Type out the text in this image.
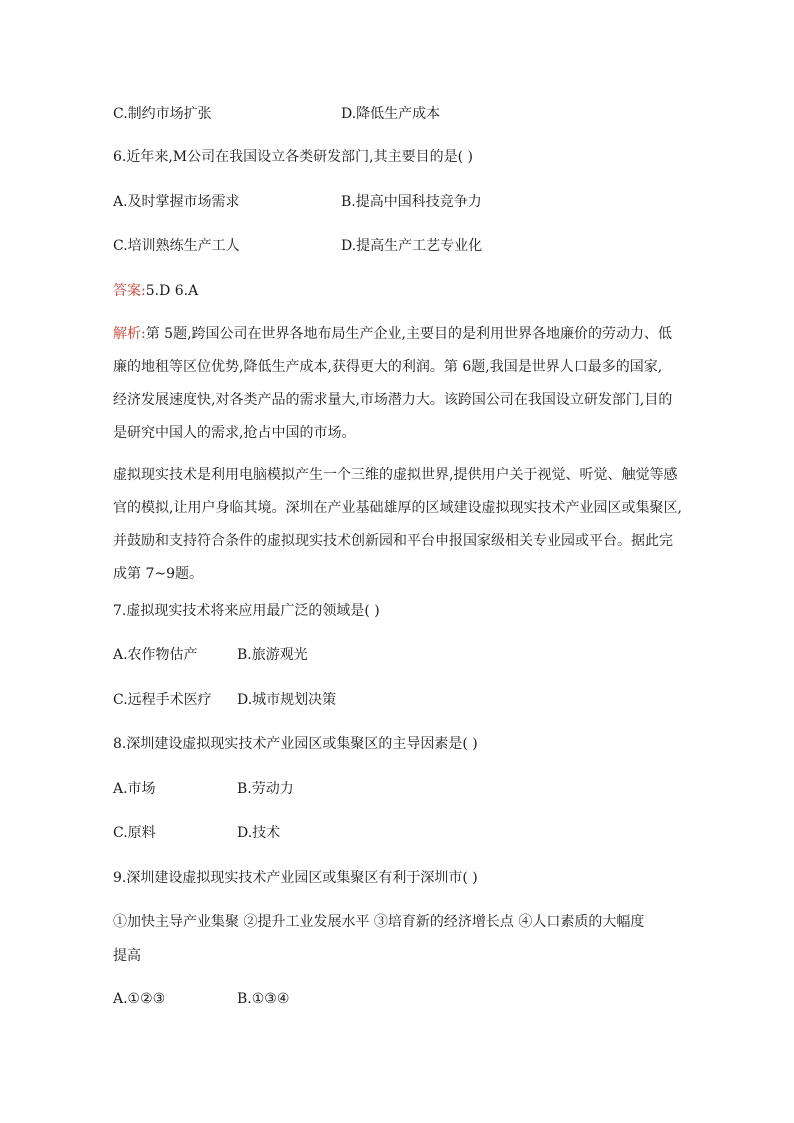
C.制约市场扩张	D.降低生产成本
6.近年来,M公司在我国设立各类研发部门,其主要目的是( )
A.及时掌握市场需求	B.提高中国科技竞争力
C.培训熟练生产工人	D.提高生产工艺专业化
答案:5.D 6.A
解析:第 5题,跨国公司在世界各地布局生产企业,主要目的是利用世界各地廉价的劳动力、低
廉的地租等区位优势,降低生产成本,获得更大的利润。第 6题,我国是世界人口最多的国家,
经济发展速度快,对各类产品的需求量大,市场潜力大。该跨国公司在我国设立研发部门,目的
是研究中国人的需求,抢占中国的市场。
虚拟现实技术是利用电脑模拟产生一个三维的虚拟世界,提供用户关于视觉、听觉、触觉等感
官的模拟,让用户身临其境。深圳在产业基础雄厚的区域建设虚拟现实技术产业园区或集聚区,
并鼓励和支持符合条件的虚拟现实技术创新园和平台申报国家级相关专业园或平台。据此完
成第 7~9题。
7.虚拟现实技术将来应用最广泛的领域是( )
A.农作物估产	B.旅游观光
C.远程手术医疗 D.城市规划决策
8.深圳建设虚拟现实技术产业园区或集聚区的主导因素是( )
A.市场	B.劳动力
C.原料	D.技术
9.深圳建设虚拟现实技术产业园区或集聚区有利于深圳市( )
①加快主导产业集聚 ②提升工业发展水平 ③培育新的经济增长点 ④人口素质的大幅度
提高
A.①②③	B.①③④
